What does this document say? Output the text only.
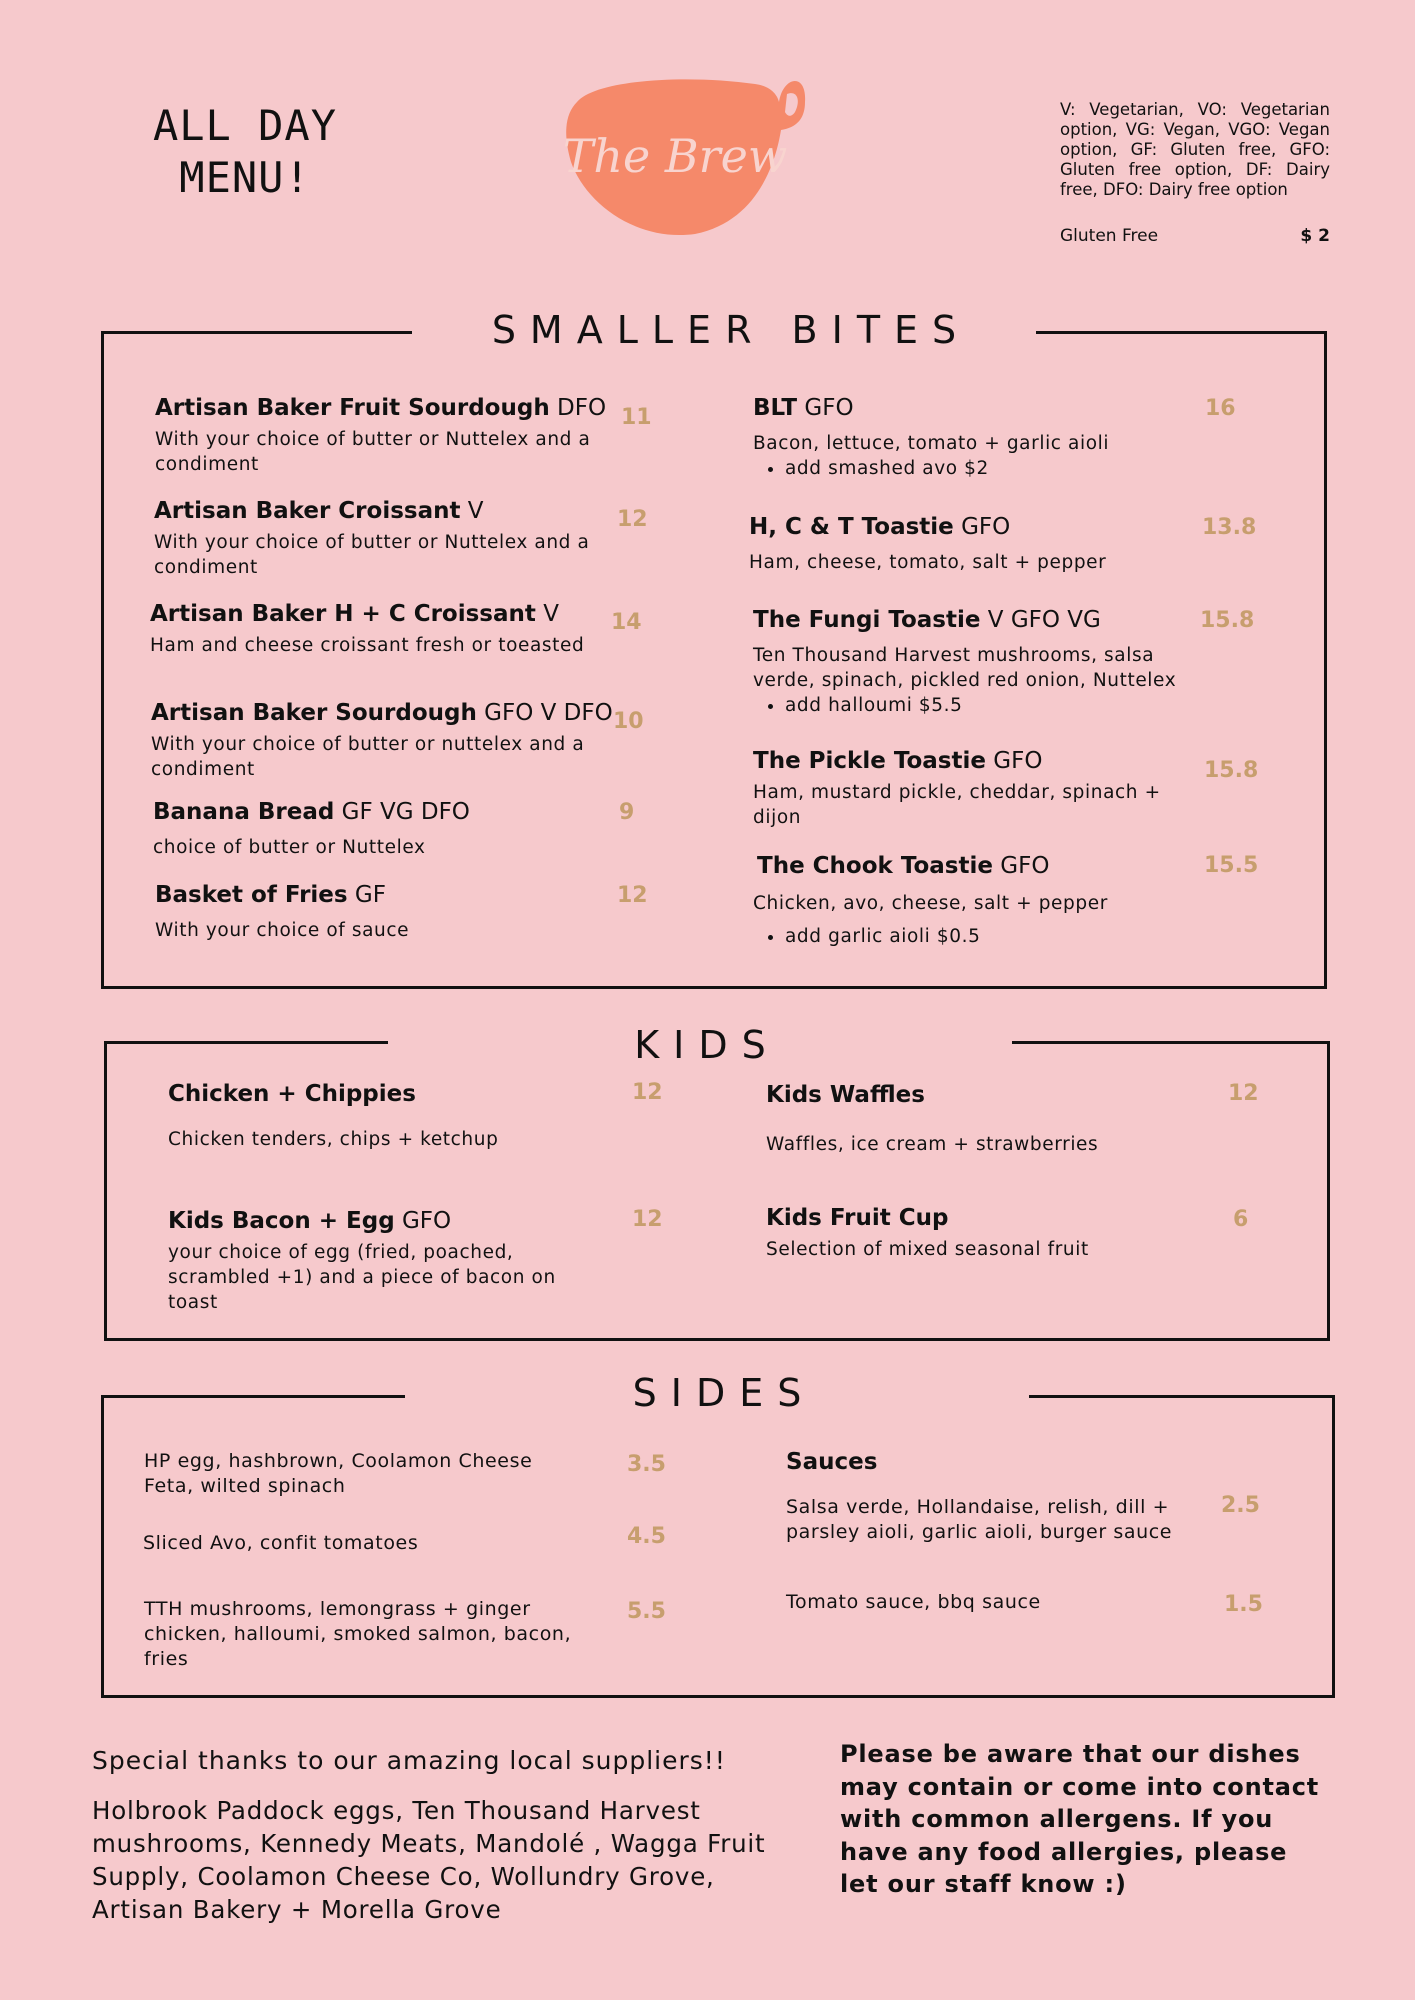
ALL DAY
MENU!	The Brew
V: Vegetarian, VO: Vegetarian option, VG: Vegan, VGO: Vegan option, GF: Gluten free, GFO: Gluten free option, DF: Dairy free, DFO: Dairy free option
Gluten Free	$ 2
SMALLER BITES
Artisan Baker Fruit Sourdough DFO
With your choice of butter or Nuttelex and a condiment
11
Artisan Baker Croissant V
With your choice of butter or Nuttelex and a condiment
12
Artisan Baker H + C Croissant V
Ham and cheese croissant fresh or toeasted
14
Artisan Baker Sourdough GFO V DFO
With your choice of butter or nuttelex and a condiment
10
Banana Bread GF VG DFO
choice of butter or Nuttelex
9
Basket of Fries GF
With your choice of sauce
12
BLT GFO
Bacon, lettuce, tomato + garlic aioli
• add smashed avo $2
16
H, C & T Toastie GFO
Ham, cheese, tomato, salt + pepper
13.8
The Fungi Toastie V GFO VG
Ten Thousand Harvest mushrooms, salsa verde, spinach, pickled red onion, Nuttelex
• add halloumi $5.5
15.8
The Pickle Toastie GFO
Ham, mustard pickle, cheddar, spinach + dijon
15.8
The Chook Toastie GFO
Chicken, avo, cheese, salt + pepper
• add garlic aioli $0.5
15.5
KIDS
Chicken + Chippies
Chicken tenders, chips + ketchup
12	Kids Waffles
Waffles, ice cream + strawberries
12
Kids Bacon + Egg GFO
your choice of egg (fried, poached, scrambled +1) and a piece of bacon on toast
12	Kids Fruit Cup
Selection of mixed seasonal fruit
6
SIDES
HP egg, hashbrown, Coolamon Cheese Feta, wilted spinach
3.5
Sliced Avo, confit tomatoes	4.5
TTH mushrooms, lemongrass + ginger chicken, halloumi, smoked salmon, bacon, fries
5.5
Sauces
Salsa verde, Hollandaise, relish, dill + parsley aioli, garlic aioli, burger sauce
2.5
Tomato sauce, bbq sauce	1.5
Special thanks to our amazing local suppliers!!
Holbrook Paddock eggs, Ten Thousand Harvest mushrooms, Kennedy Meats, Mandolé , Wagga Fruit Supply, Coolamon Cheese Co, Wollundry Grove, Artisan Bakery + Morella Grove
Please be aware that our dishes may contain or come into contact with common allergens. If you have any food allergies, please let our staff know :)
